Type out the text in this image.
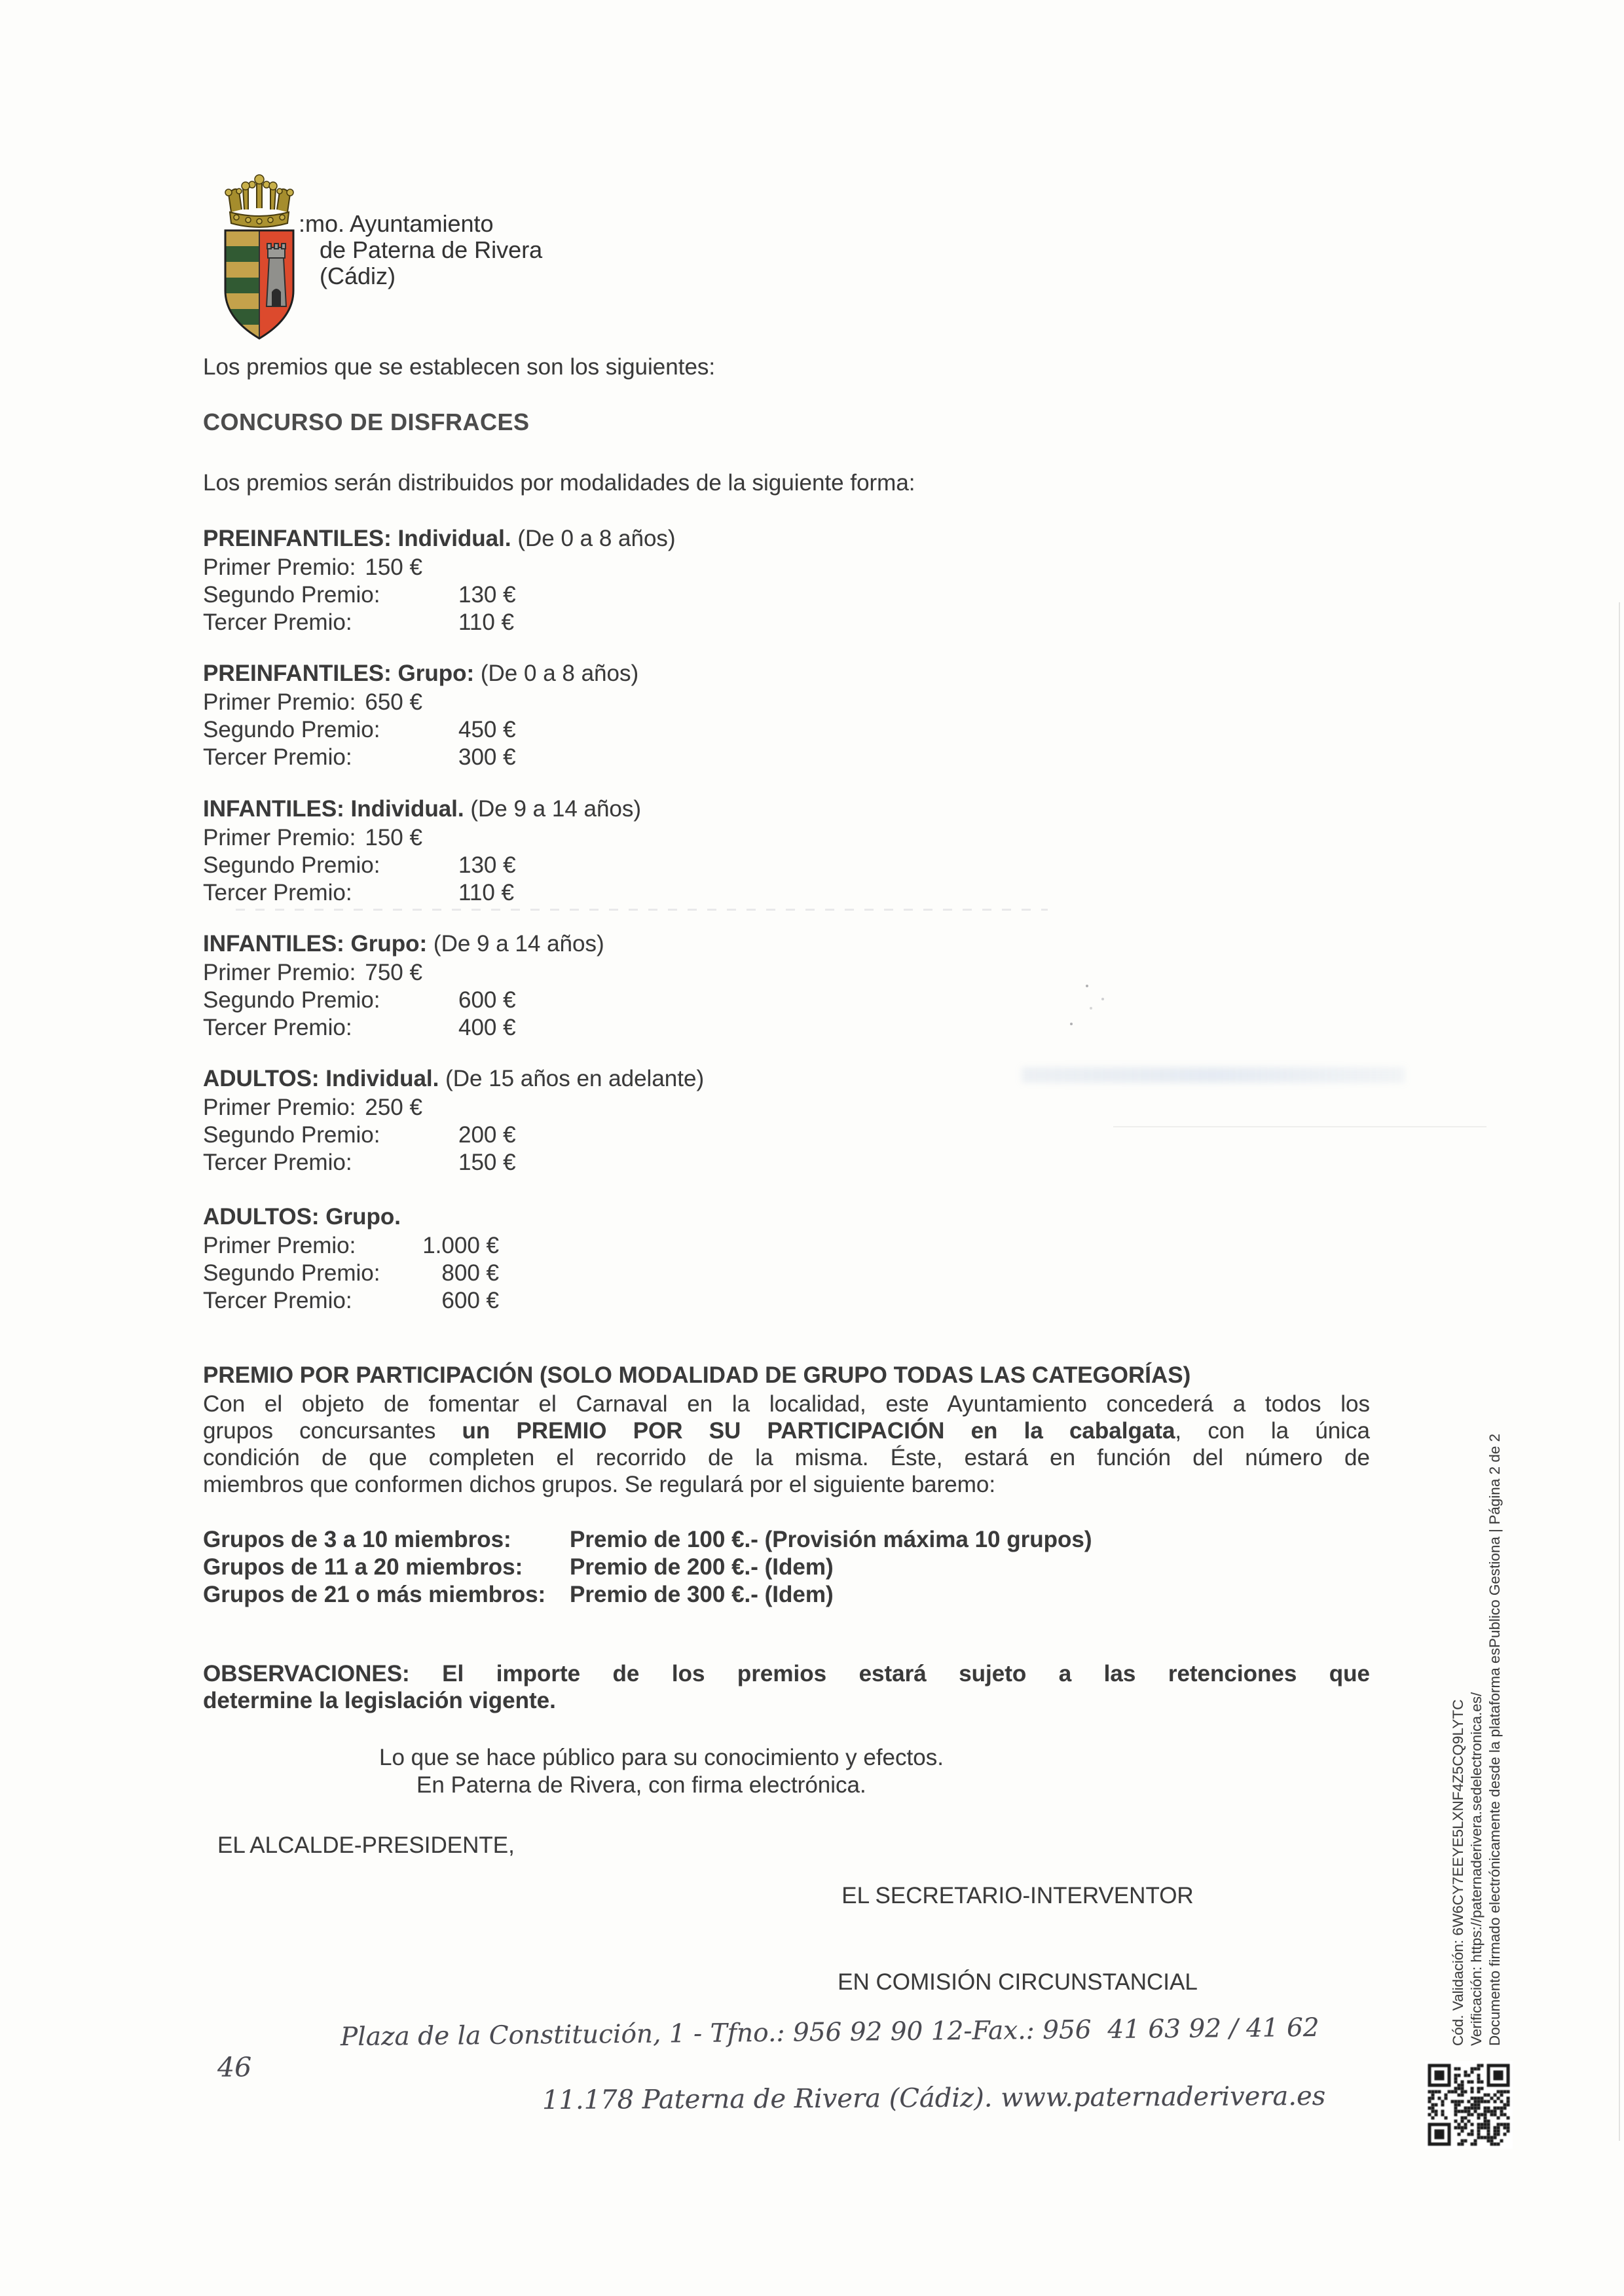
:mo. Ayuntamiento
de Paterna de Rivera
(Cádiz)
Los premios que se establecen son los siguientes:
CONCURSO DE DISFRACES
Los premios serán distribuidos por modalidades de la siguiente forma:
PREINFANTILES: Individual. (De 0 a 8 años)
Primer Premio: 150 €
Segundo Premio:	130 €
Tercer Premio:	110 €
PREINFANTILES: Grupo: (De 0 a 8 años)
Primer Premio: 650 €
Segundo Premio:	450 €
Tercer Premio:	300 €
INFANTILES: Individual. (De 9 a 14 años)
Primer Premio: 150 €
Segundo Premio:	130 €
Tercer Premio:	110 €
INFANTILES: Grupo: (De 9 a 14 años)
Primer Premio: 750 €
Segundo Premio:	600 €
Tercer Premio:	400 €
ADULTOS: Individual. (De 15 años en adelante)
Primer Premio: 250 €
Segundo Premio:	200 €
Tercer Premio:	150 €
ADULTOS: Grupo.
Primer Premio:	1.000 €
Segundo Premio:	800 €
Tercer Premio:	600 €
PREMIO POR PARTICIPACIÓN (SOLO MODALIDAD DE GRUPO TODAS LAS CATEGORÍAS)
Con el objeto de fomentar el Carnaval en la localidad, este Ayuntamiento concederá a todos los
grupos concursantes un PREMIO POR SU PARTICIPACIÓN en la cabalgata, con la única
condición de que completen el recorrido de la misma. Éste, estará en función del número de
miembros que conformen dichos grupos. Se regulará por el siguiente baremo:
Grupos de 3 a 10 miembros:	Premio de 100 €.- (Provisión máxima 10 grupos)
Grupos de 11 a 20 miembros: Premio de 200 €.- (Idem)
Grupos de 21 o más miembros: Premio de 300 €.- (Idem)
OBSERVACIONES: El importe de los premios estará sujeto a las retenciones que
determine la legislación vigente.
Lo que se hace público para su conocimiento y efectos.
En Paterna de Rivera, con firma electrónica.
EL ALCALDE-PRESIDENTE,

EL SECRETARIO-INTERVENTOR

EN COMISIÓN CIRCUNSTANCIAL

Plaza de la Constitución, 1 - Tfno.: 956 92 90 12-Fax.: 956  41 63 92 / 41 62
46
11.178 Paterna de Rivera (Cádiz). www.paternaderivera.es
Cód. Validación: 6W6CY7EEYE5LXNF4Z5CQ9LYTC Verificación: https://paternaderivera.sedelectronica.es/ Documento firmado electrónicamente desde la plataforma esPublico Gestiona | Página 2 de 2
